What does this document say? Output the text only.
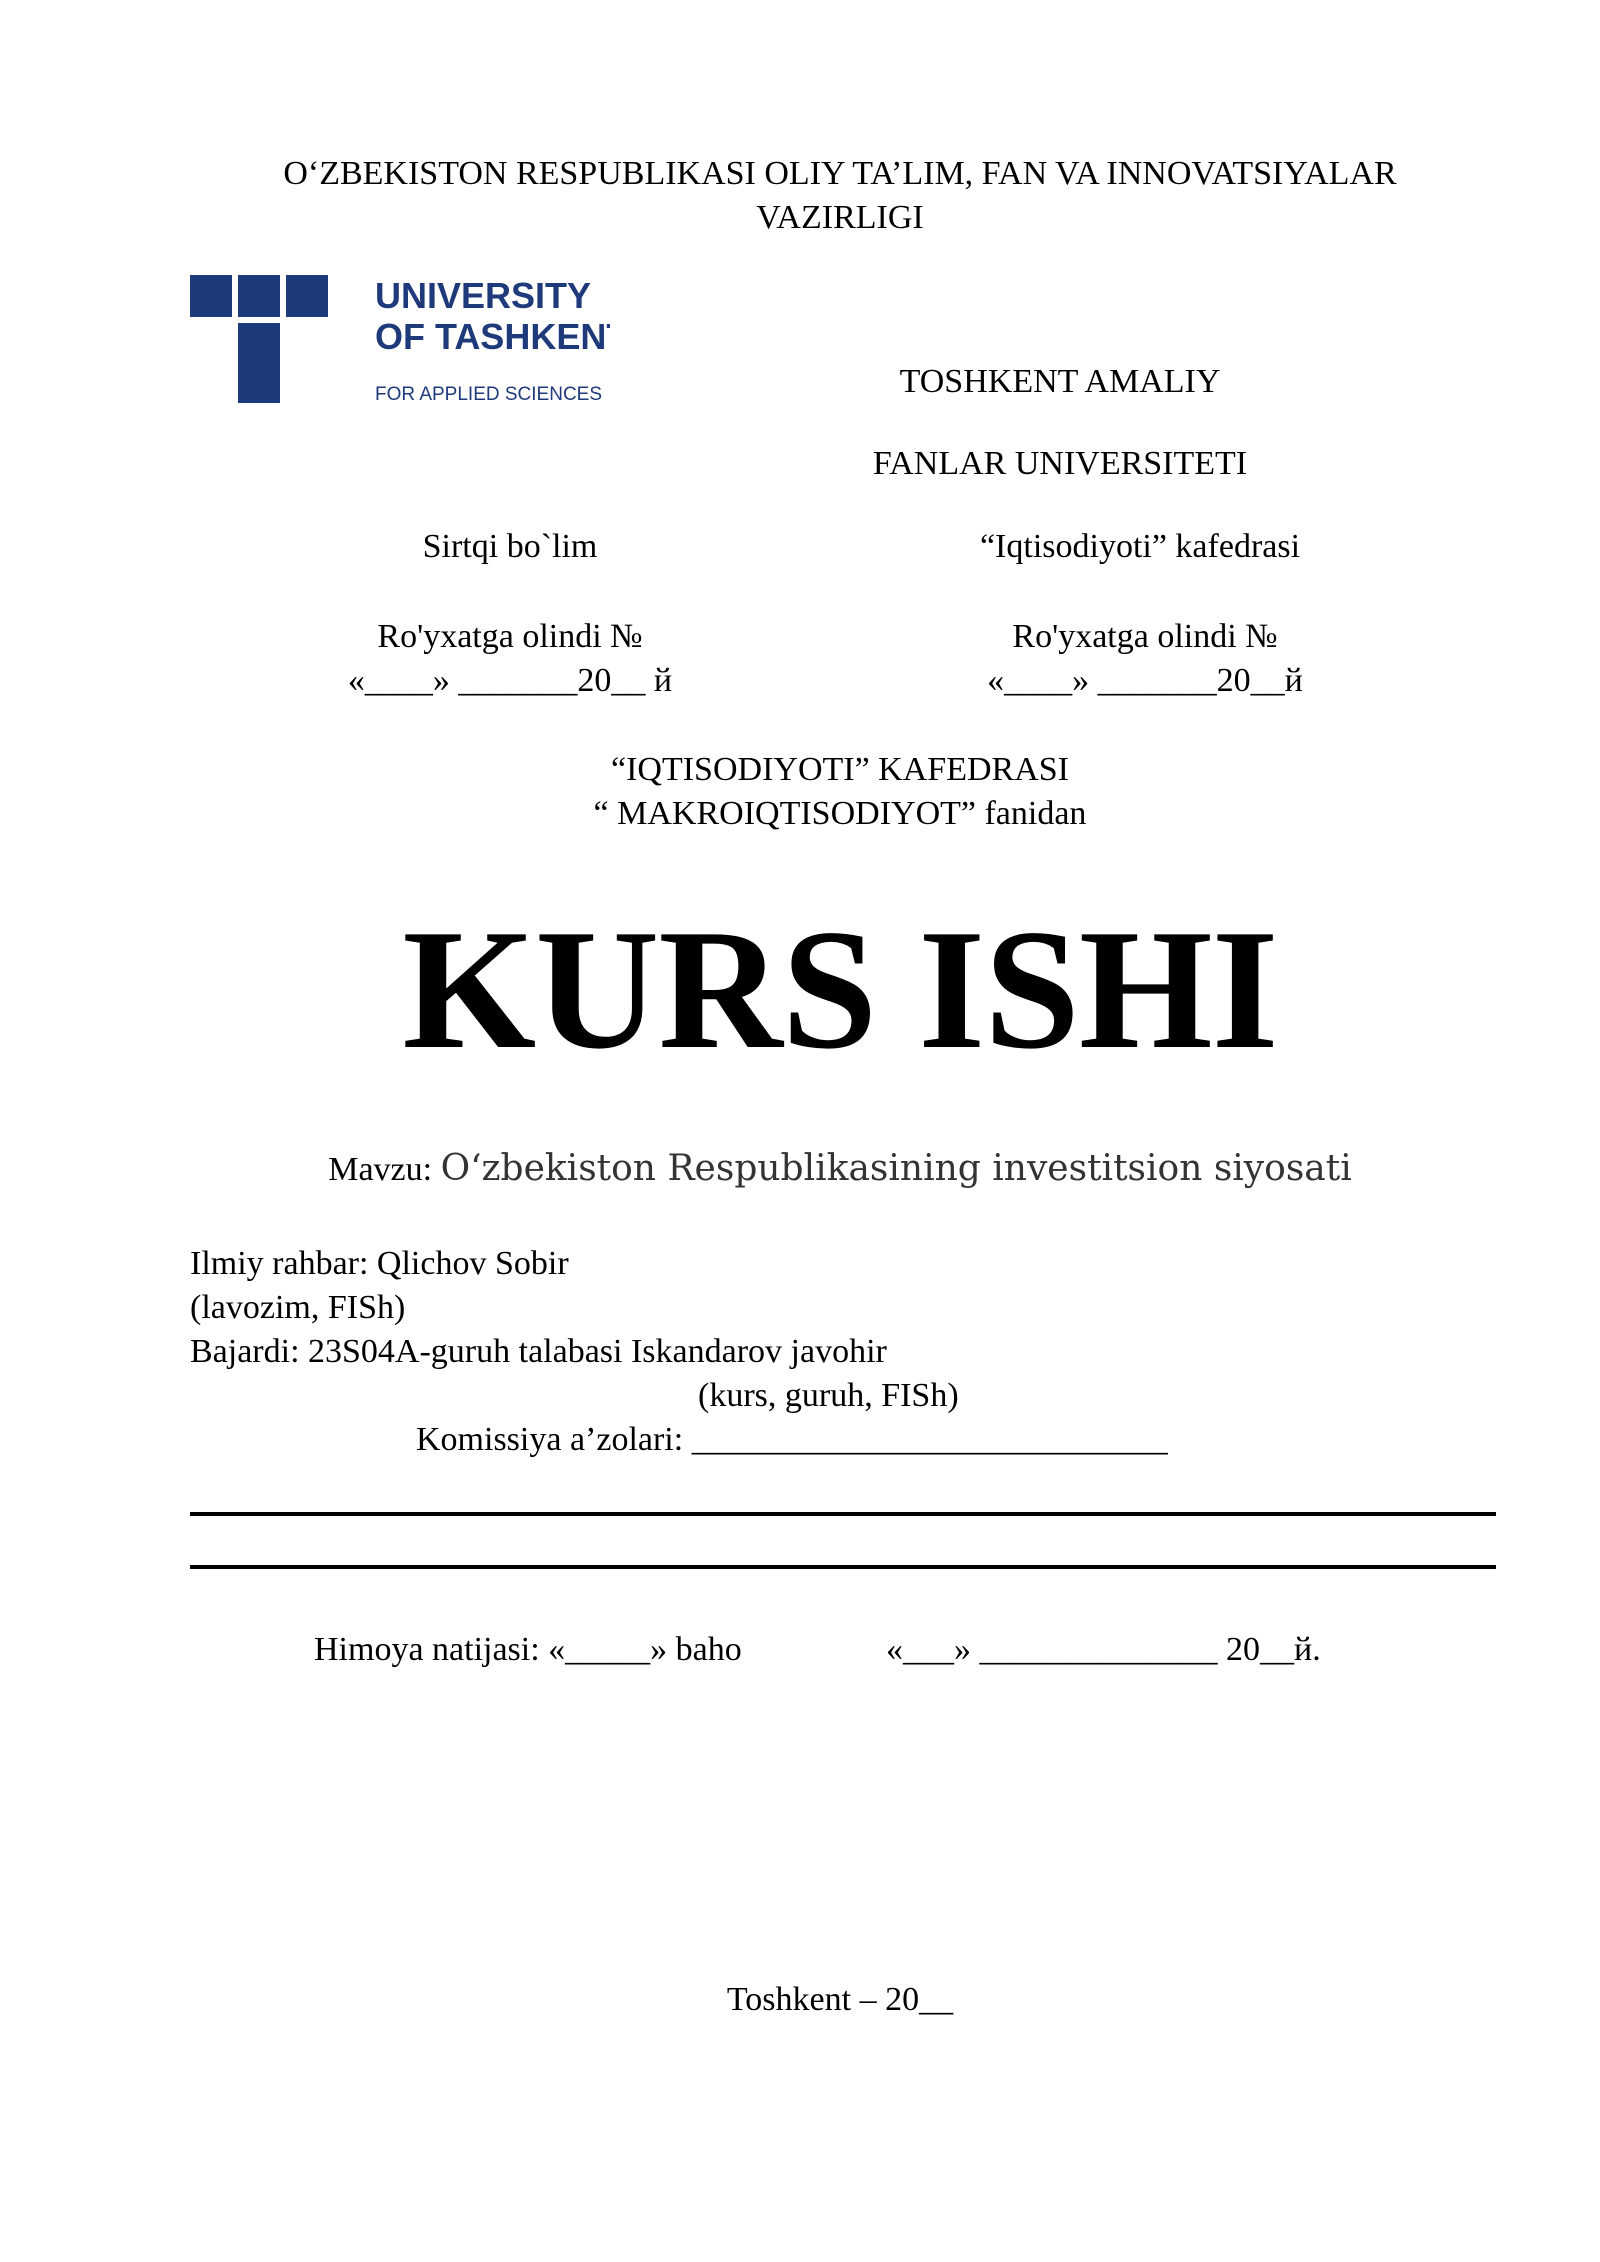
O‘ZBEKISTON RESPUBLIKASI OLIY TA’LIM, FAN VA INNOVATSIYALAR
VAZIRLIGI
UNIVERSITY
OF TASHKENT
FOR APPLIED SCIENCES	TOSHKENT AMALIY
FANLAR UNIVERSITETI
Sirtqi bo`lim	“Iqtisodiyoti” kafedrasi
Ro'yxatga olindi №
«____» _______20__ й
Ro'yxatga olindi №
«____» _______20__й
“IQTISODIYOTI” KAFEDRASI
“ MAKROIQTISODIYOT” fanidan
KURS ISHI
Mavzu: O‘zbekiston Respublikasining investitsion siyosati
Ilmiy rahbar: Qlichov Sobir
(lavozim, FISh)
Bajardi: 23S04A-guruh talabasi Iskandarov javohir
(kurs, guruh, FISh)
Komissiya a’zolari: ____________________________
Himoya natijasi: «_____» baho	«___» ______________ 20__й.
Toshkent – 20__
